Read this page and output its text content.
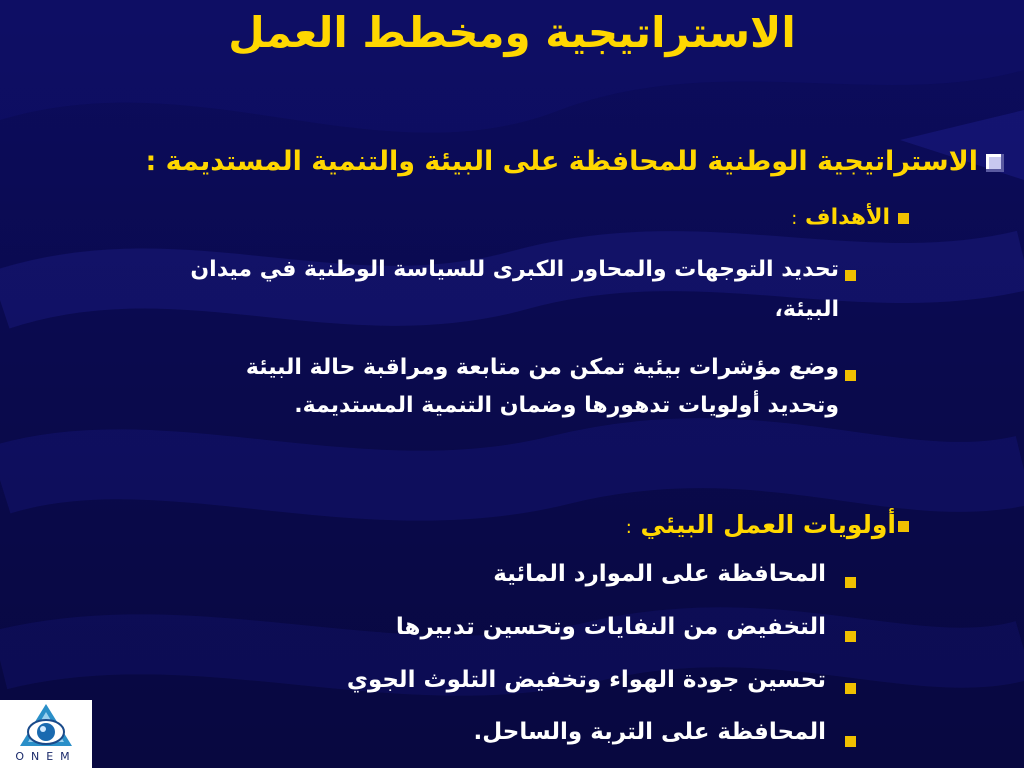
الاستراتيجية ومخطط العمل
الاستراتيجية الوطنية للمحافظة على البيئة والتنمية المستديمة :
الأهداف :
تحديد التوجهات والمحاور الكبرى للسياسة الوطنية في ميدان
البيئة،
وضع مؤشرات بيئية تمكن من متابعة ومراقبة حالة البيئة
وتحديد أولويات تدهورها وضمان التنمية المستديمة.
أولويات العمل البيئي :
المحافظة على الموارد المائية
التخفيض من النفايات وتحسين تدبيرها
تحسين جودة الهواء وتخفيض التلوث الجوي
المحافظة على التربة والساحل.
ONEM
